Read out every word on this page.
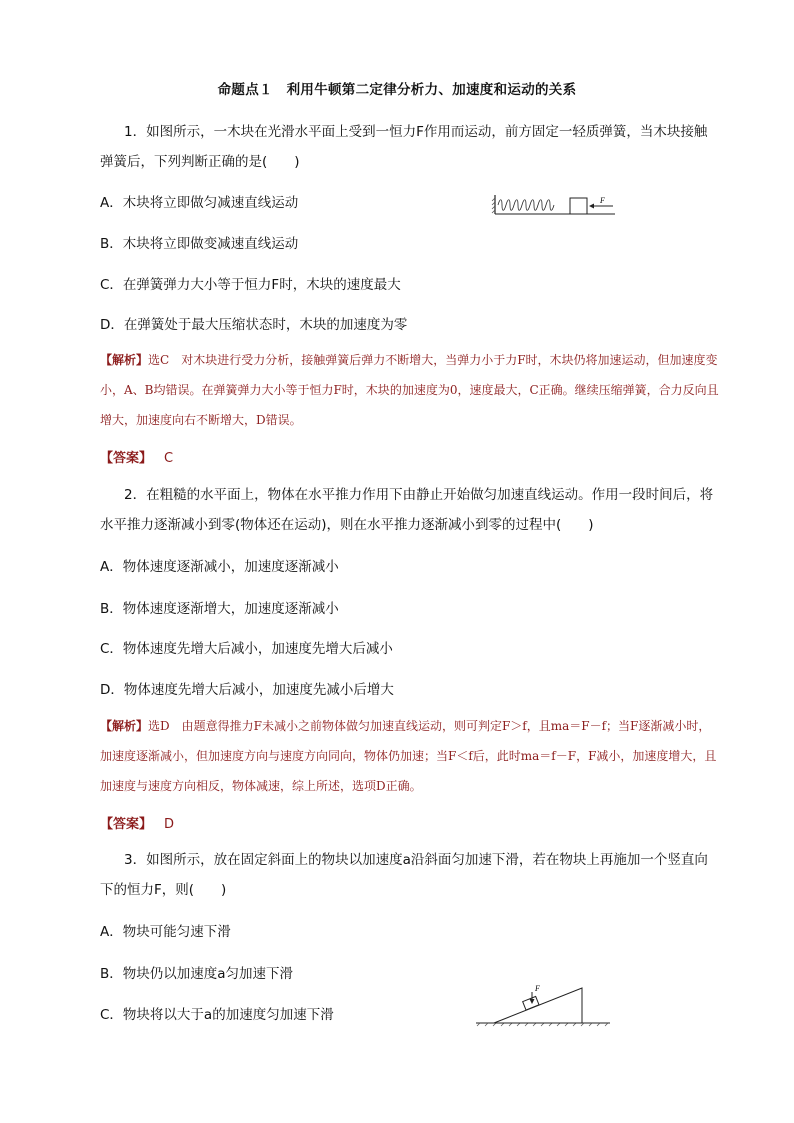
命题点１　利用牛顿第二定律分析力、加速度和运动的关系
1．如图所示，一木块在光滑水平面上受到一恒力F作用而运动，前方固定一轻质弹簧，当木块接触弹簧后，下列判断正确的是(　　)
A．木块将立即做匀减速直线运动
B．木块将立即做变减速直线运动
C．在弹簧弹力大小等于恒力F时，木块的速度最大
D．在弹簧处于最大压缩状态时，木块的加速度为零
F
【解析】选C　对木块进行受力分析，接触弹簧后弹力不断增大，当弹力小于力F时，木块仍将加速运动，但加速度变小，A、B均错误。在弹簧弹力大小等于恒力F时，木块的加速度为0，速度最大，C正确。继续压缩弹簧，合力反向且增大，加速度向右不断增大，D错误。
【答案】 C
2．在粗糙的水平面上，物体在水平推力作用下由静止开始做匀加速直线运动。作用一段时间后，将水平推力逐渐减小到零(物体还在运动)，则在水平推力逐渐减小到零的过程中(　　)
A．物体速度逐渐减小，加速度逐渐减小
B．物体速度逐渐增大，加速度逐渐减小
C．物体速度先增大后减小，加速度先增大后减小
D．物体速度先增大后减小，加速度先减小后增大
【解析】选D　由题意得推力F未减小之前物体做匀加速直线运动，则可判定F＞f，且ma＝F－f；当F逐渐减小时，加速度逐渐减小，但加速度方向与速度方向同向，物体仍加速；当F＜f后，此时ma＝f－F，F减小，加速度增大，且加速度与速度方向相反，物体减速，综上所述，选项D正确。
【答案】 D
3．如图所示，放在固定斜面上的物块以加速度a沿斜面匀加速下滑，若在物块上再施加一个竖直向下的恒力F，则(　　)
A．物块可能匀速下滑
B．物块仍以加速度a匀加速下滑
C．物块将以大于a的加速度匀加速下滑
F
